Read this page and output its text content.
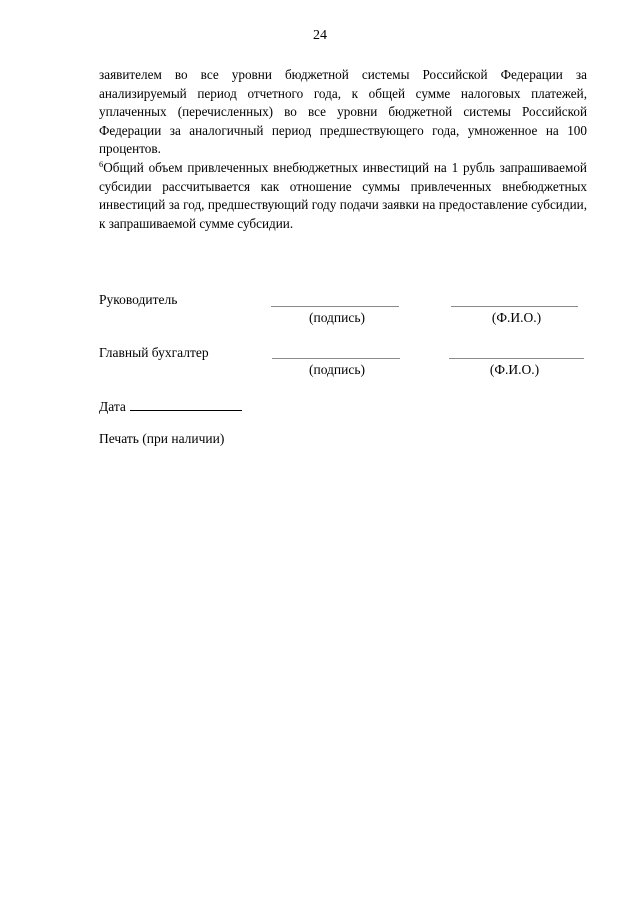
24

заявителем во все уровни бюджетной системы Российской Федерации за анализируемый период отчетного года, к общей сумме налоговых платежей, уплаченных (перечисленных) во все уровни бюджетной системы Российской Федерации за аналогичный период предшествующего года, умноженное на 100 процентов.

$^6$Общий объем привлеченных внебюджетных инвестиций на 1 рубль запрашиваемой субсидии рассчитывается как отношение суммы привлеченных внебюджетных инвестиций за год, предшествующий году подачи заявки на предоставление субсидии, к запрашиваемой сумме субсидии.

Руководитель
(подпись)	(Ф.И.О.)
Главный бухгалтер
(подпись)	(Ф.И.О.)
Дата
Печать (при наличии)
